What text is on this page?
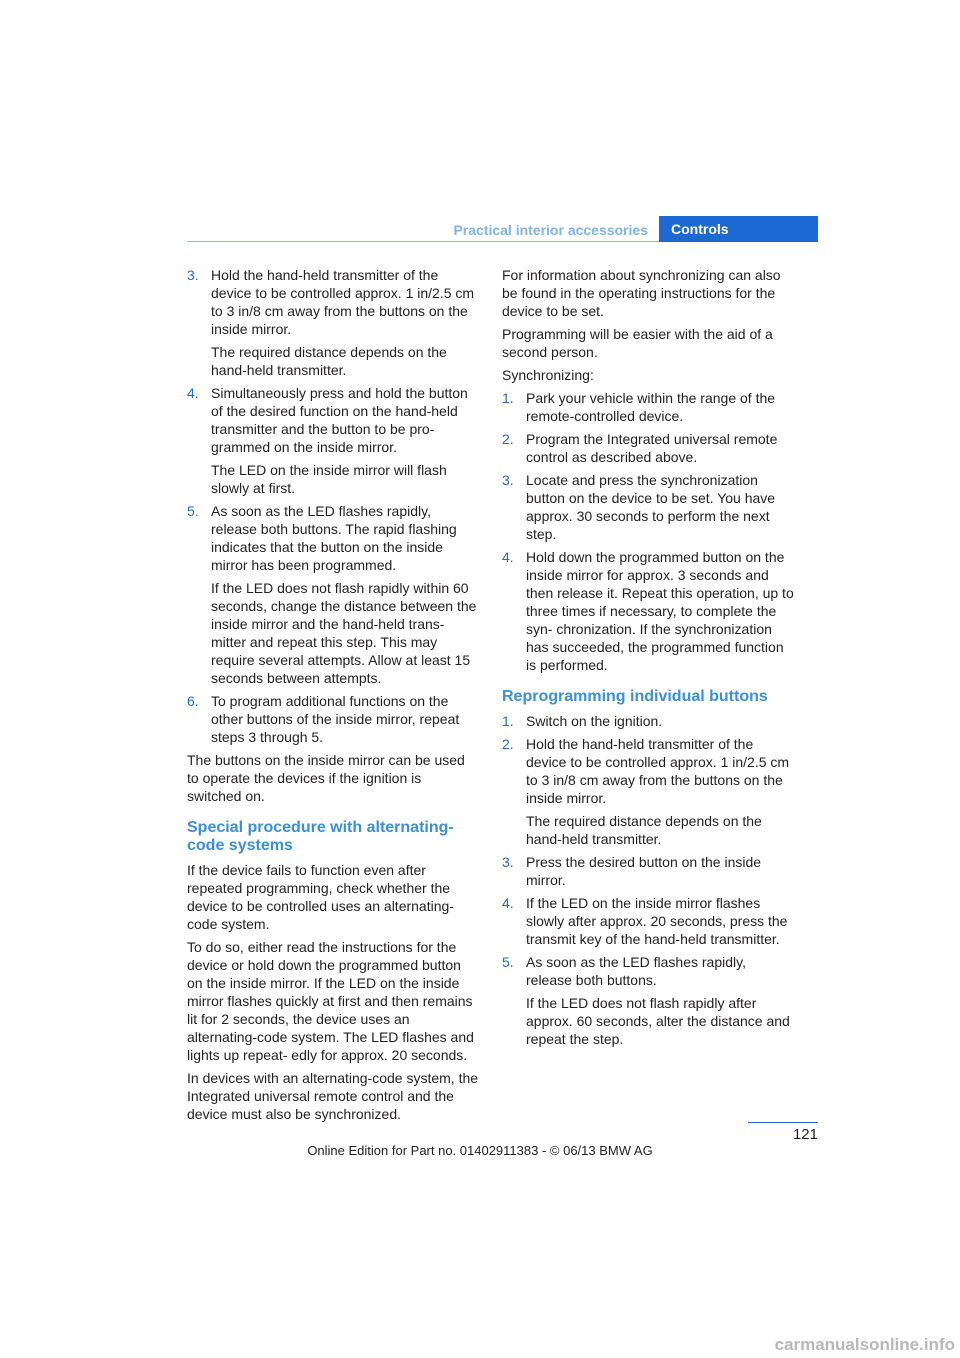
Practical interior accessories	Controls
3. Hold the hand-held transmitter of the device to be controlled approx. 1 in/2.5 cm to 3 in/8 cm away from the buttons on the inside mirror.

The required distance depends on the hand-held transmitter.

4. Simultaneously press and hold the button of the desired function on the hand-held transmitter and the button to be pro- grammed on the inside mirror.

The LED on the inside mirror will flash slowly at first.

5. As soon as the LED flashes rapidly, release both buttons. The rapid flashing indicates that the button on the inside mirror has been programmed.

If the LED does not flash rapidly within 60 seconds, change the distance between the inside mirror and the hand-held trans- mitter and repeat this step. This may require several attempts. Allow at least 15 seconds between attempts.

6. To program additional functions on the other buttons of the inside mirror, repeat steps 3 through 5.

The buttons on the inside mirror can be used to operate the devices if the ignition is switched on.

Special procedure with alternating- code systems

If the device fails to function even after repeated programming, check whether the device to be controlled uses an alternating-code system.

To do so, either read the instructions for the device or hold down the programmed button on the inside mirror. If the LED on the inside mirror flashes quickly at first and then remains lit for 2 seconds, the device uses an alternating-code system. The LED flashes and lights up repeat- edly for approx. 20 seconds.

In devices with an alternating-code system, the Integrated universal remote control and the device must also be synchronized.

For information about synchronizing can also be found in the operating instructions for the device to be set.

Programming will be easier with the aid of a second person.

Synchronizing:

1. Park your vehicle within the range of the remote-controlled device.

2. Program the Integrated universal remote control as described above.

3. Locate and press the synchronization button on the device to be set. You have approx. 30 seconds to perform the next step.

4. Hold down the programmed button on the inside mirror for approx. 3 seconds and then release it. Repeat this operation, up to three times if necessary, to complete the syn- chronization. If the synchronization has succeeded, the programmed function is performed.

Reprogramming individual buttons
1. Switch on the ignition.

2. Hold the hand-held transmitter of the device to be controlled approx. 1 in/2.5 cm to 3 in/8 cm away from the buttons on the inside mirror.

The required distance depends on the hand-held transmitter.

3. Press the desired button on the inside mirror.

4. If the LED on the inside mirror flashes slowly after approx. 20 seconds, press the transmit key of the hand-held transmitter.

5. As soon as the LED flashes rapidly, release both buttons.

If the LED does not flash rapidly after approx. 60 seconds, alter the distance and repeat the step.

121
Online Edition for Part no. 01402911383 - © 06/13 BMW AG
carmanualsonline.info
